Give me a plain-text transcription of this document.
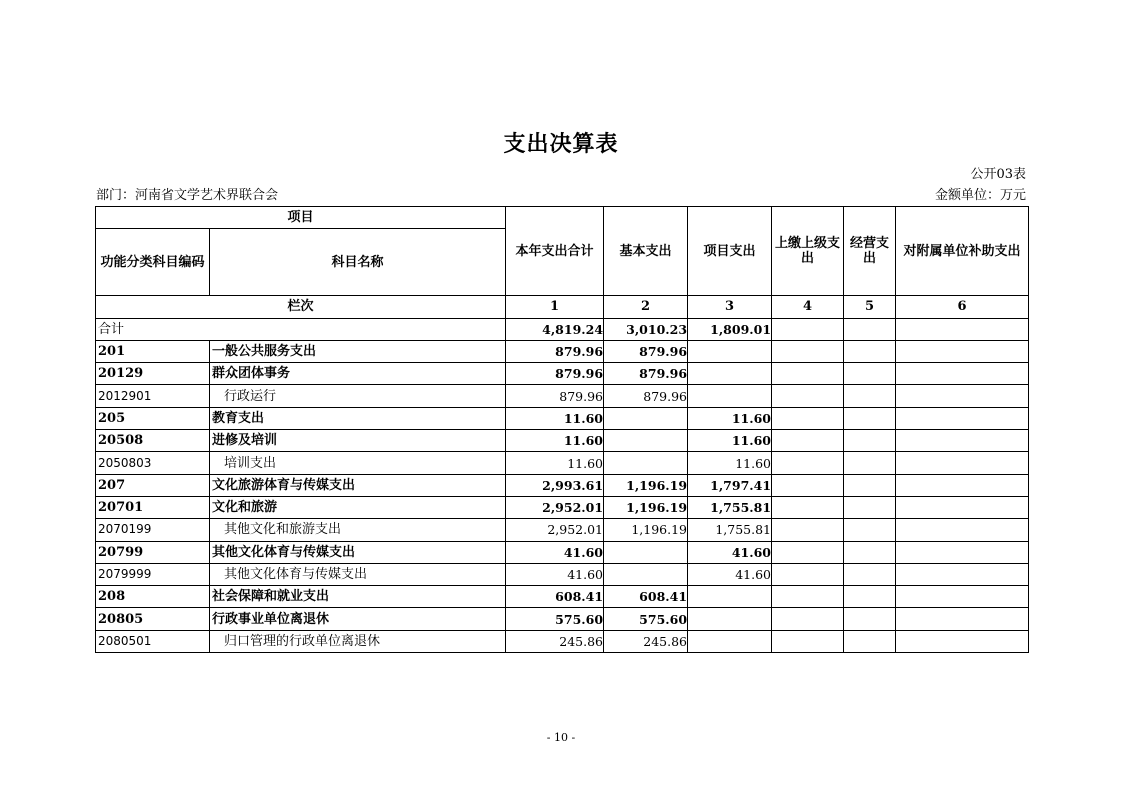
支出决算表
公开03表
部门：河南省文学艺术界联合会	金额单位：万元
项目		本年支出合计	基本支出	项目支出	上缴上级支出	经营支出	对附属单位补助支出
功能分类科目编码	科目名称						
栏次		1	2	3	4	5	6
合计		4,819.24	3,010.23	1,809.01			
201	一般公共服务支出	879.96	879.96				
20129	群众团体事务	879.96	879.96				
2012901	行政运行	879.96	879.96				
205	教育支出	11.60		11.60			
20508	进修及培训	11.60		11.60			
2050803	培训支出	11.60		11.60			
207	文化旅游体育与传媒支出	2,993.61	1,196.19	1,797.41			
20701	文化和旅游	2,952.01	1,196.19	1,755.81			
2070199	其他文化和旅游支出	2,952.01	1,196.19	1,755.81			
20799	其他文化体育与传媒支出	41.60		41.60			
2079999	其他文化体育与传媒支出	41.60		41.60			
208	社会保障和就业支出	608.41	608.41				
20805	行政事业单位离退休	575.60	575.60				
2080501	归口管理的行政单位离退休	245.86	245.86				
- 10 -
